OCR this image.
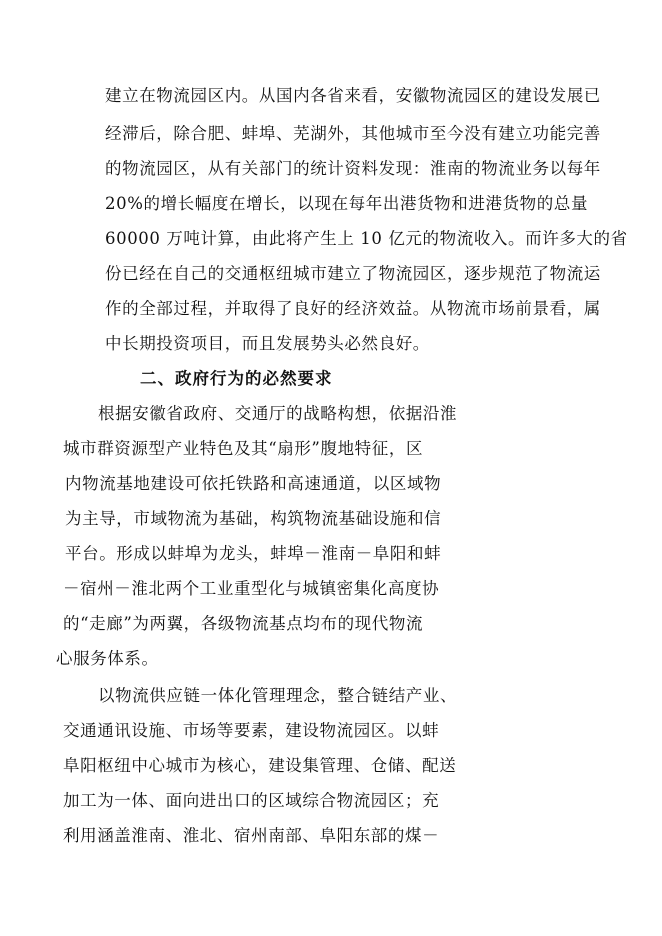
建立在物流园区内。从国内各省来看，安徽物流园区的建设发展已
经滞后，除合肥、蚌埠、芜湖外，其他城市至今没有建立功能完善
的物流园区，从有关部门的统计资料发现：淮南的物流业务以每年
20%的增长幅度在增长，以现在每年出港货物和进港货物的总量
60000 万吨计算，由此将产生上 10 亿元的物流收入。而许多大的省
份已经在自己的交通枢纽城市建立了物流园区，逐步规范了物流运
作的全部过程，并取得了良好的经济效益。从物流市场前景看，属
中长期投资项目，而且发展势头必然良好。
二、政府行为的必然要求
根据安徽省政府、交通厅的战略构想，依据沿淮
城市群资源型产业特色及其“扇形”腹地特征，区
内物流基地建设可依托铁路和高速通道，以区域物
为主导，市域物流为基础，构筑物流基础设施和信
平台。形成以蚌埠为龙头，蚌埠－淮南－阜阳和蚌
－宿州－淮北两个工业重型化与城镇密集化高度协
的“走廊”为两翼，各级物流基点均布的现代物流
心服务体系。
以物流供应链一体化管理理念，整合链结产业、
交通通讯设施、市场等要素，建设物流园区。以蚌
阜阳枢纽中心城市为核心，建设集管理、仓储、配送
加工为一体、面向进出口的区域综合物流园区；充
利用涵盖淮南、淮北、宿州南部、阜阳东部的煤－
